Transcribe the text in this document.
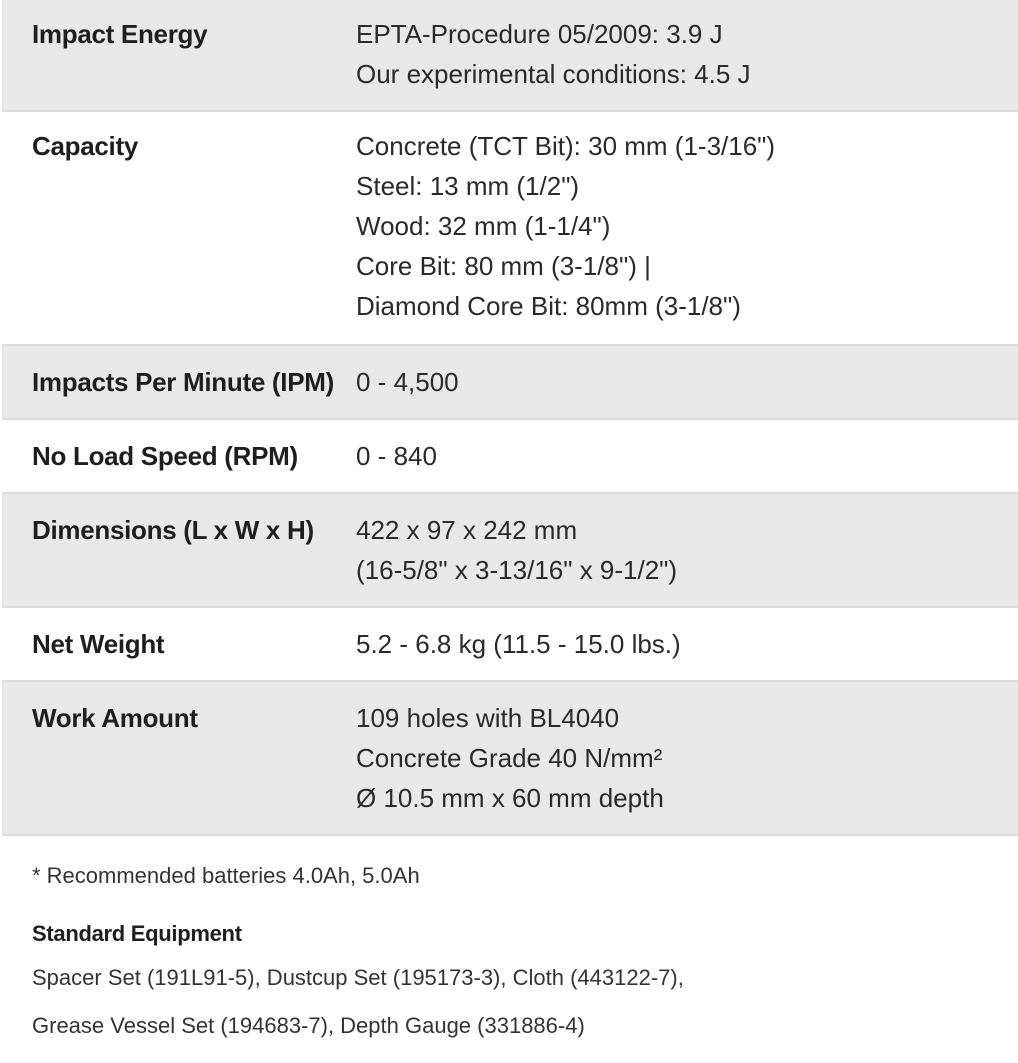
Impact Energy	EPTA-Procedure 05/2009: 3.9 J
Our experimental conditions: 4.5 J
Capacity	Concrete (TCT Bit): 30 mm (1-3/16")
Steel: 13 mm (1/2")
Wood: 32 mm (1-1/4")
Core Bit: 80 mm (3-1/8") |
Diamond Core Bit: 80mm (3-1/8")
Impacts Per Minute (IPM) 0 - 4,500
No Load Speed (RPM)	0 - 840
Dimensions (L x W x H)	422 x 97 x 242 mm
(16-5/8" x 3-13/16" x 9-1/2")
Net Weight	5.2 - 6.8 kg (11.5 - 15.0 lbs.)
Work Amount	109 holes with BL4040
Concrete Grade 40 N/mm²
Ø 10.5 mm x 60 mm depth

* Recommended batteries 4.0Ah, 5.0Ah

Standard Equipment
Spacer Set (191L91-5), Dustcup Set (195173-3), Cloth (443122-7),
Grease Vessel Set (194683-7), Depth Gauge (331886-4)
